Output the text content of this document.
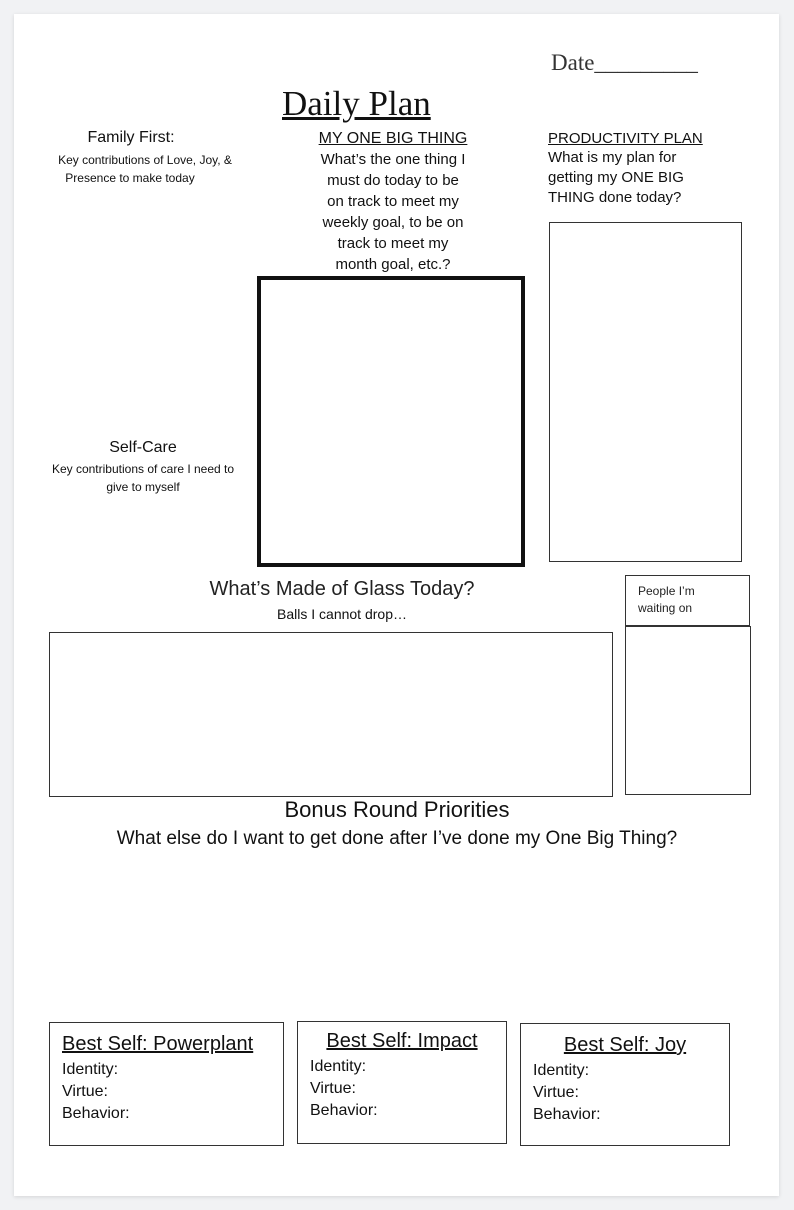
Date_________
Daily Plan
Family First:
Key contributions of Love, Joy, &
Presence to make today
MY ONE BIG THING
What’s the one thing I
must do today to be
on track to meet my
weekly goal, to be on
track to meet my
month goal, etc.?
PRODUCTIVITY PLAN
What is my plan for
getting my ONE BIG
THING done today?
Self-Care
Key contributions of care I need to
give to myself
What’s Made of Glass Today?
Balls I cannot drop…
People I’m
waiting on
Bonus Round Priorities
What else do I want to get done after I’ve done my One Big Thing?
Best Self: Powerplant
Identity:
Virtue:
Behavior:
Best Self: Impact
Identity:
Virtue:
Behavior:
Best Self: Joy
Identity:
Virtue:
Behavior:
